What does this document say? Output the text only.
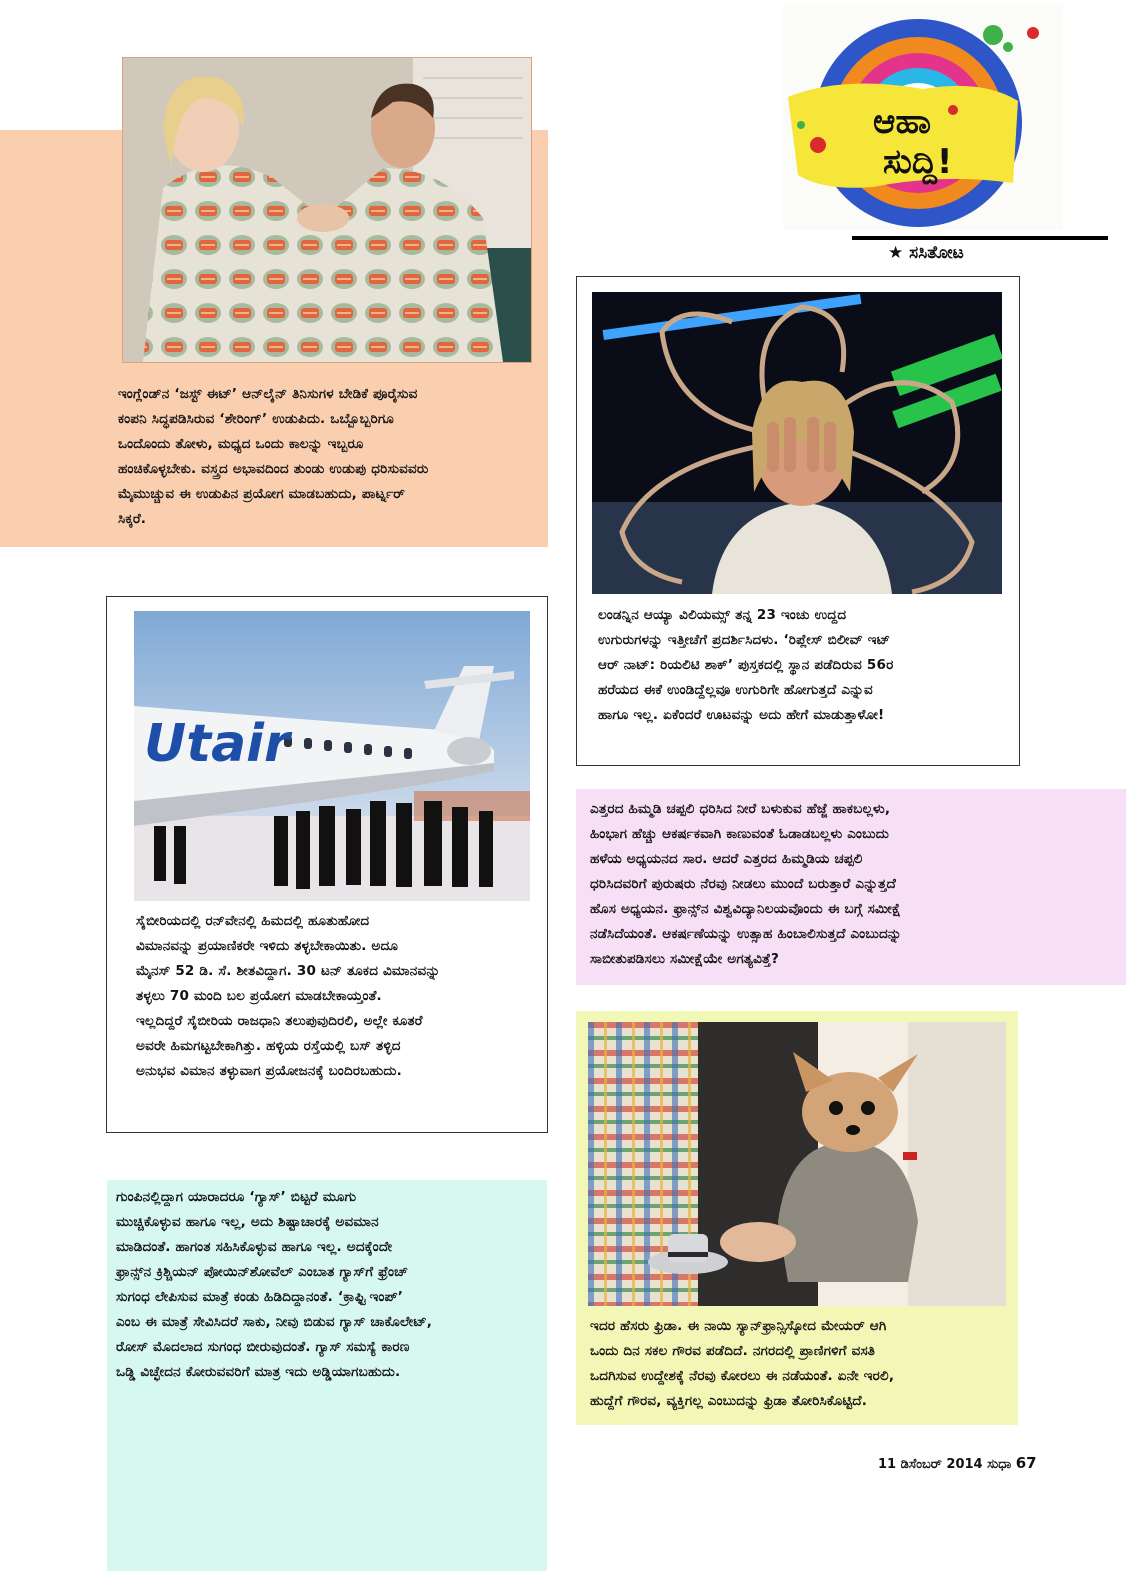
ಇಂಗ್ಲೆಂಡ್‌ನ ‘ಜಸ್ಟ್ ಈಟ್’ ಆನ್‌ಲೈನ್ ತಿನಿಸುಗಳ ಬೇಡಿಕೆ ಪೂರೈಸುವ
ಕಂಪನಿ ಸಿದ್ಧಪಡಿಸಿರುವ ‘ಶೇರಿಂಗ್’ ಉಡುಪಿದು. ಒಬ್ಬೊಬ್ಬರಿಗೂ
ಒಂದೊಂದು ತೋಳು, ಮಧ್ಯದ ಒಂದು ಕಾಲನ್ನು ಇಬ್ಬರೂ
ಹಂಚಿಕೊಳ್ಳಬೇಕು. ವಸ್ತ್ರದ ಅಭಾವದಿಂದ ತುಂಡು ಉಡುಪು ಧರಿಸುವವರು
ಮೈಮುಚ್ಚುವ ಈ ಉಡುಪಿನ ಪ್ರಯೋಗ ಮಾಡಬಹುದು, ಪಾರ್ಟ್ನರ್
ಸಿಕ್ಕರೆ.
ಆಹಾ
ಸುದ್ದಿ!
★ ಸಸಿತೋಟ
ಲಂಡನ್ನಿನ ಆಯ್ಯಾ ವಿಲಿಯಮ್ಸ್ ತನ್ನ 23 ಇಂಚು ಉದ್ದದ
ಉಗುರುಗಳನ್ನು ಇತ್ತೀಚೆಗೆ ಪ್ರದರ್ಶಿಸಿದಳು. ‘ರಿಪ್ಲೇಸ್ ಬಿಲೀವ್ ಇಟ್
ಆರ್ ನಾಟ್: ರಿಯಲಿಟಿ ಶಾಕ್’ ಪುಸ್ತಕದಲ್ಲಿ ಸ್ಥಾನ ಪಡೆದಿರುವ 56ರ
ಹರೆಯದ ಈಕೆ ಉಂಡಿದ್ದೆಲ್ಲವೂ ಉಗುರಿಗೇ ಹೋಗುತ್ತದೆ ಎನ್ನುವ
ಹಾಗೂ ಇಲ್ಲ. ಏಕೆಂದರೆ ಊಟವನ್ನು ಅದು ಹೇಗೆ ಮಾಡುತ್ತಾಳೋ!
Utair
ಸೈಬೀರಿಯದಲ್ಲಿ ರನ್‌ವೇನಲ್ಲಿ ಹಿಮದಲ್ಲಿ ಹೂತುಹೋದ
ವಿಮಾನವನ್ನು ಪ್ರಯಾಣಿಕರೇ ಇಳಿದು ತಳ್ಳಬೇಕಾಯಿತು. ಅದೂ
ಮೈನಸ್ 52 ಡಿ. ಸೆ. ಶೀತವಿದ್ದಾಗ. 30 ಟನ್ ತೂಕದ ವಿಮಾನವನ್ನು
ತಳ್ಳಲು 70 ಮಂದಿ ಬಲ ಪ್ರಯೋಗ ಮಾಡಬೇಕಾಯ್ತಂತೆ.
ಇಲ್ಲದಿದ್ದರೆ ಸೈಬೀರಿಯ ರಾಜಧಾನಿ ತಲುಪುವುದಿರಲಿ, ಅಲ್ಲೇ ಕೂತರೆ
ಅವರೇ ಹಿಮಗಟ್ಟಬೇಕಾಗಿತ್ತು. ಹಳ್ಳಿಯ ರಸ್ತೆಯಲ್ಲಿ ಬಸ್ ತಳ್ಳಿದ
ಅನುಭವ ವಿಮಾನ ತಳ್ಳುವಾಗ ಪ್ರಯೋಜನಕ್ಕೆ ಬಂದಿರಬಹುದು.
ಎತ್ತರದ ಹಿಮ್ಮಡಿ ಚಪ್ಪಲಿ ಧರಿಸಿದ ನೀರೆ ಬಳುಕುವ ಹೆಜ್ಜೆ ಹಾಕಬಲ್ಲಳು,
ಹಿಂಭಾಗ ಹೆಚ್ಚು ಆಕರ್ಷಕವಾಗಿ ಕಾಣುವಂತೆ ಓಡಾಡಬಲ್ಲಳು ಎಂಬುದು
ಹಳೆಯ ಅಧ್ಯಯನದ ಸಾರ. ಆದರೆ ಎತ್ತರದ ಹಿಮ್ಮಡಿಯ ಚಪ್ಪಲಿ
ಧರಿಸಿದವರಿಗೆ ಪುರುಷರು ನೆರವು ನೀಡಲು ಮುಂದೆ ಬರುತ್ತಾರೆ ಎನ್ನುತ್ತದೆ
ಹೊಸ ಅಧ್ಯಯನ. ಫ್ರಾನ್ಸ್‌ನ ವಿಶ್ವವಿದ್ಯಾನಿಲಯವೊಂದು ಈ ಬಗ್ಗೆ ಸಮೀಕ್ಷೆ
ನಡೆಸಿದೆಯಂತೆ. ಆಕರ್ಷಣೆಯನ್ನು ಉತ್ಸಾಹ ಹಿಂಬಾಲಿಸುತ್ತದೆ ಎಂಬುದನ್ನು
ಸಾಬೀತುಪಡಿಸಲು ಸಮೀಕ್ಷೆಯೇ ಅಗತ್ಯವಿತ್ತೆ?
ಇದರ ಹೆಸರು ಫ್ರಿಡಾ. ಈ ನಾಯಿ ಸ್ಯಾನ್‌ಫ್ರಾನ್ಸಿಸ್ಕೋದ ಮೇಯರ್ ಆಗಿ
ಒಂದು ದಿನ ಸಕಲ ಗೌರವ ಪಡೆದಿದೆ. ನಗರದಲ್ಲಿ ಪ್ರಾಣಿಗಳಿಗೆ ವಸತಿ
ಒದಗಿಸುವ ಉದ್ದೇಶಕ್ಕೆ ನೆರವು ಕೋರಲು ಈ ನಡೆಯಂತೆ. ಏನೇ ಇರಲಿ,
ಹುದ್ದೆಗೆ ಗೌರವ, ವ್ಯಕ್ತಿಗಲ್ಲ ಎಂಬುದನ್ನು ಫ್ರಿಡಾ ತೋರಿಸಿಕೊಟ್ಟಿದೆ.
ಗುಂಪಿನಲ್ಲಿದ್ದಾಗ ಯಾರಾದರೂ ‘ಗ್ಯಾಸ್’ ಬಿಟ್ಟರೆ ಮೂಗು
ಮುಚ್ಚಿಕೊಳ್ಳುವ ಹಾಗೂ ಇಲ್ಲ, ಅದು ಶಿಷ್ಟಾಚಾರಕ್ಕೆ ಅವಮಾನ
ಮಾಡಿದಂತೆ. ಹಾಗಂತ ಸಹಿಸಿಕೊಳ್ಳುವ ಹಾಗೂ ಇಲ್ಲ. ಅದಕ್ಕೆಂದೇ
ಫ್ರಾನ್ಸ್‌ನ ಕ್ರಿಶ್ಚಿಯನ್ ಪೋಯಿನ್‌ಶೋವೆಲ್ ಎಂಬಾತ ಗ್ಯಾಸ್‌ಗೆ ಫ್ರೆಂಚ್
ಸುಗಂಧ ಲೇಪಿಸುವ ಮಾತ್ರೆ ಕಂಡು ಹಿಡಿದಿದ್ದಾನಂತೆ. ‘ಕ್ರಾಫ್ಟಿ ಇಂಪ್’
ಎಂಬ ಈ ಮಾತ್ರೆ ಸೇವಿಸಿದರೆ ಸಾಕು, ನೀವು ಬಿಡುವ ಗ್ಯಾಸ್ ಚಾಕೊಲೇಟ್,
ರೋಸ್ ಮೊದಲಾದ ಸುಗಂಧ ಬೀರುವುದಂತೆ. ಗ್ಯಾಸ್ ಸಮಸ್ಯೆ ಕಾರಣ
ಒಡ್ಡಿ ವಿಚ್ಛೇದನ ಕೋರುವವರಿಗೆ ಮಾತ್ರ ಇದು ಅಡ್ಡಿಯಾಗಬಹುದು.
11 ಡಿಸೆಂಬರ್ 2014 ಸುಧಾ 67
